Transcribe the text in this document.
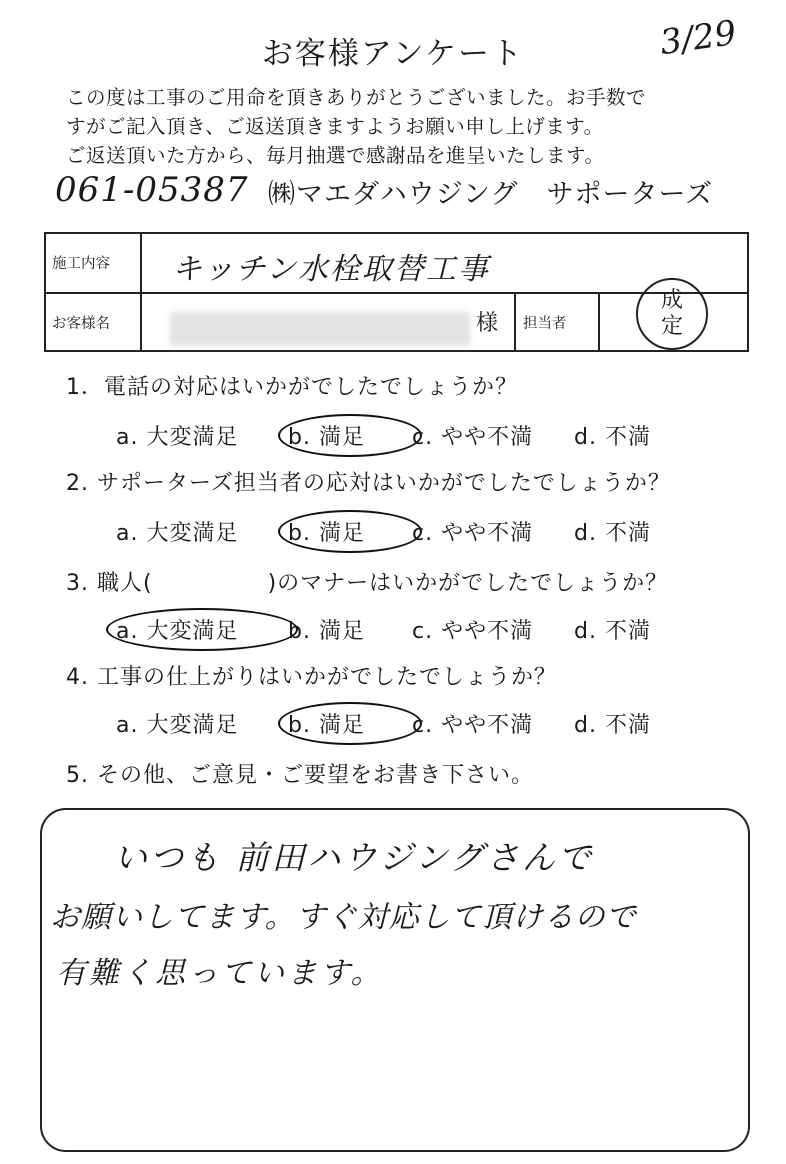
お客様アンケート	3/29
この度は工事のご用命を頂きありがとうございました。お手数で
すがご記入頂き、ご返送頂きますようお願い申し上げます。
ご返送頂いた方から、毎月抽選で感謝品を進呈いたします。
061-05387 ㈱マエダハウジング　サポーターズ
施工内容 キッチン水栓取替工事
お客様名	様 担当者
成
定
1．電話の対応はいかがでしたでしょうか？
a. 大変満足	b. 満足	c. やや不満	d. 不満
2. サポーターズ担当者の応対はいかがでしたでしょうか？
a. 大変満足	b. 満足	c. やや不満	d. 不満
3. 職人(　　　　　)のマナーはいかがでしたでしょうか？
a. 大変満足	b. 満足	c. やや不満	d. 不満
4. 工事の仕上がりはいかがでしたでしょうか？
a. 大変満足	b. 満足	c. やや不満	d. 不満
5. その他、ご意見・ご要望をお書き下さい。
いつも 前田ハウジングさんで
お願いしてます。すぐ対応して頂けるので
有難く思っています。
